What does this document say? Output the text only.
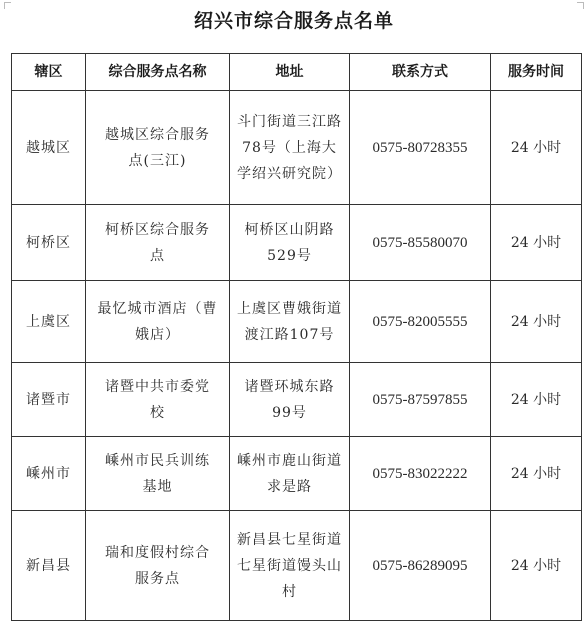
绍兴市综合服务点名单
辖区	综合服务点名称	地址	联系方式	服务时间
越城区	越城区综合服务点(三江)	斗门街道三江路78号（上海大学绍兴研究院）	0575-80728355	24 小时
柯桥区	柯桥区综合服务点	柯桥区山阴路529号	0575-85580070	24 小时
上虞区	最忆城市酒店（曹娥店）	上虞区曹娥街道渡江路107号	0575-82005555	24 小时
诸暨市	诸暨中共市委党校	诸暨环城东路99号	0575-87597855	24 小时
嵊州市	嵊州市民兵训练基地	嵊州市鹿山街道求是路	0575-83022222	24 小时
新昌县	瑞和度假村综合服务点	新昌县七星街道七星街道馒头山村	0575-86289095	24 小时
